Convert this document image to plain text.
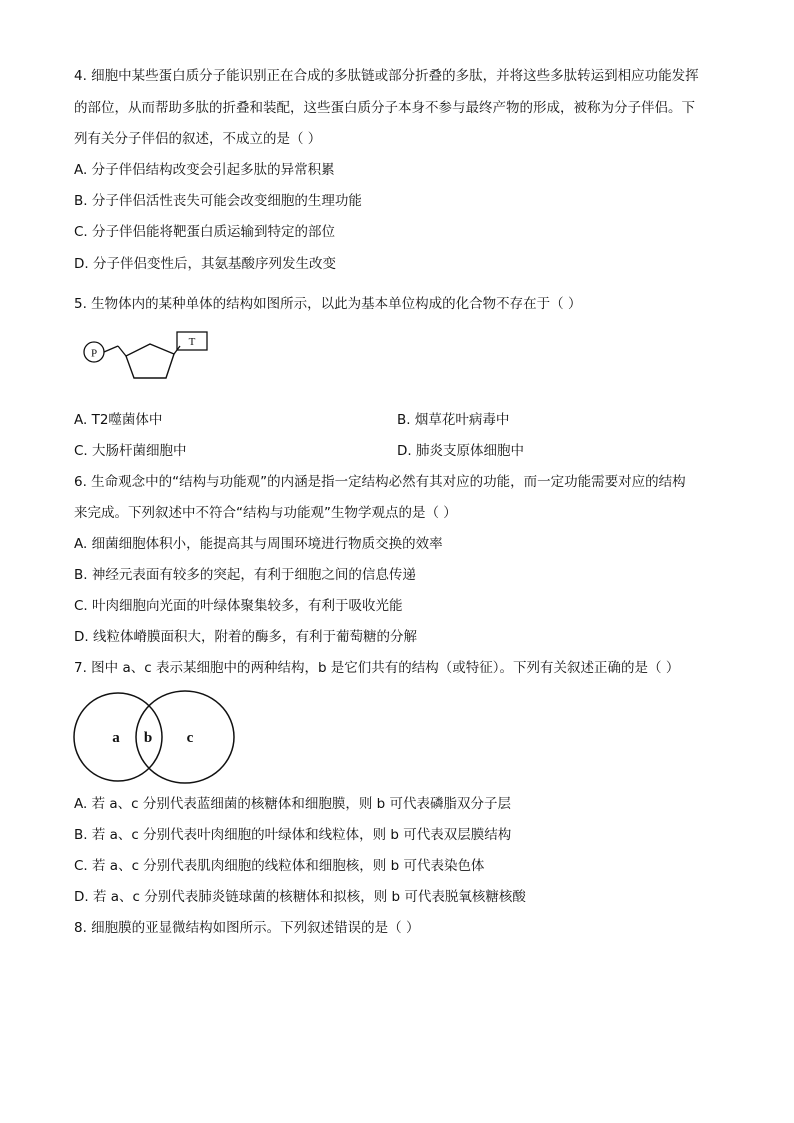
4. 细胞中某些蛋白质分子能识别正在合成的多肽链或部分折叠的多肽，并将这些多肽转运到相应功能发挥
的部位，从而帮助多肽的折叠和装配，这些蛋白质分子本身不参与最终产物的形成，被称为分子伴侣。下
列有关分子伴侣的叙述，不成立的是（ ）
A. 分子伴侣结构改变会引起多肽的异常积累
B. 分子伴侣活性丧失可能会改变细胞的生理功能
C. 分子伴侣能将靶蛋白质运输到特定的部位
D. 分子伴侣变性后，其氨基酸序列发生改变
5. 生物体内的某种单体的结构如图所示，以此为基本单位构成的化合物不存在于（ ）
P
T
A. T2噬菌体中	B. 烟草花叶病毒中
C. 大肠杆菌细胞中	D. 肺炎支原体细胞中
6. 生命观念中的“结构与功能观”的内涵是指一定结构必然有其对应的功能，而一定功能需要对应的结构
来完成。下列叙述中不符合“结构与功能观”生物学观点的是（ ）
A. 细菌细胞体积小，能提高其与周围环境进行物质交换的效率
B. 神经元表面有较多的突起，有利于细胞之间的信息传递
C. 叶肉细胞向光面的叶绿体聚集较多，有利于吸收光能
D. 线粒体嵴膜面积大，附着的酶多，有利于葡萄糖的分解
7. 图中 a、c 表示某细胞中的两种结构，b 是它们共有的结构（或特征）。下列有关叙述正确的是（ ）
a b c
A. 若 a、c 分别代表蓝细菌的核糖体和细胞膜，则 b 可代表磷脂双分子层
B. 若 a、c 分别代表叶肉细胞的叶绿体和线粒体，则 b 可代表双层膜结构
C. 若 a、c 分别代表肌肉细胞的线粒体和细胞核，则 b 可代表染色体
D. 若 a、c 分别代表肺炎链球菌的核糖体和拟核，则 b 可代表脱氧核糖核酸
8. 细胞膜的亚显微结构如图所示。下列叙述错误的是（ ）
